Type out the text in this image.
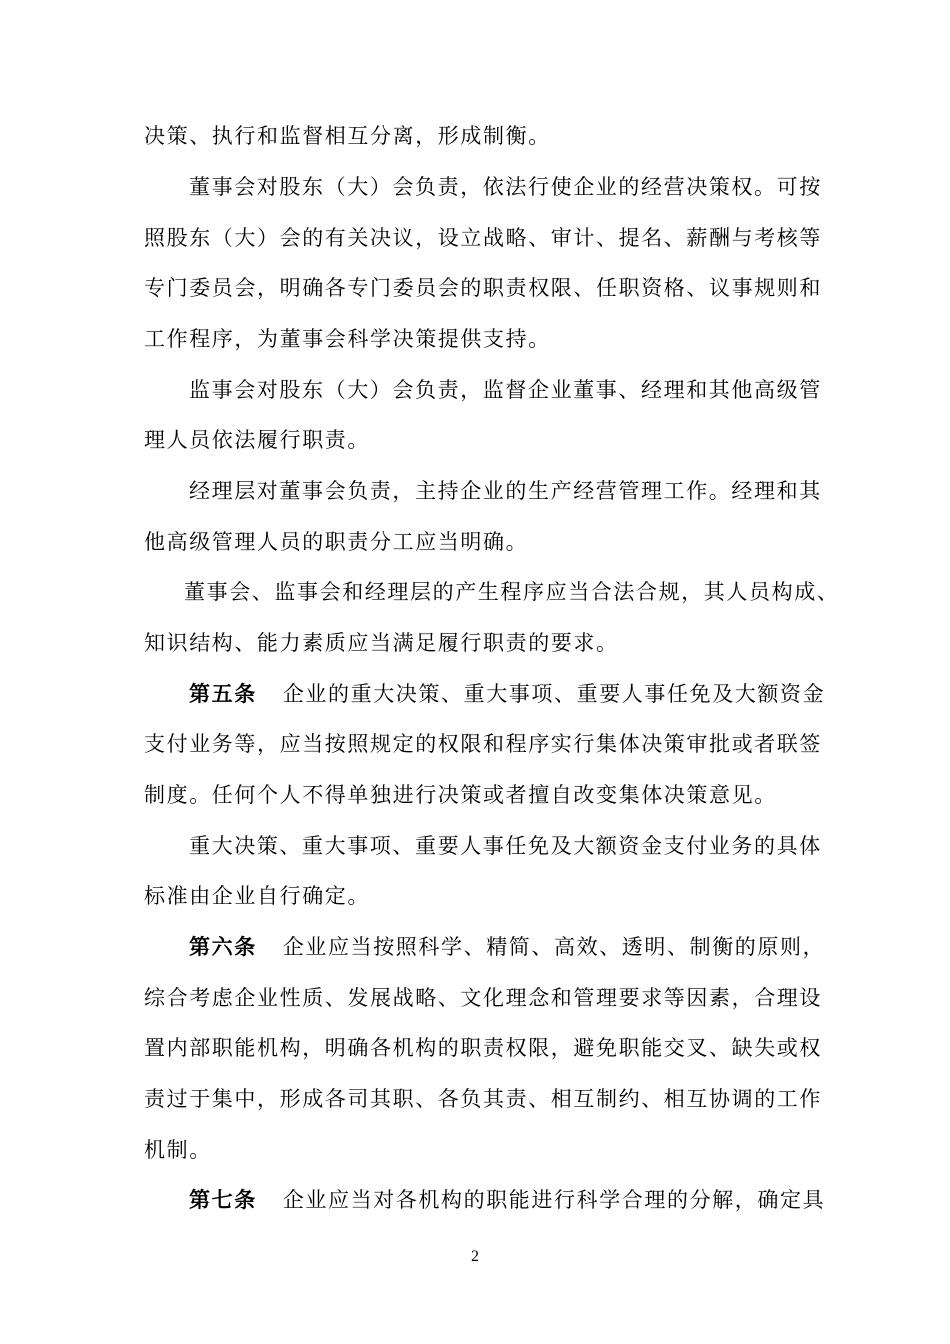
决策、执行和监督相互分离，形成制衡。
董事会对股东（大）会负责，依法行使企业的经营决策权。可按
照股东（大）会的有关决议，设立战略、审计、提名、薪酬与考核等
专门委员会，明确各专门委员会的职责权限、任职资格、议事规则和
工作程序，为董事会科学决策提供支持。
监事会对股东（大）会负责，监督企业董事、经理和其他高级管
理人员依法履行职责。
经理层对董事会负责，主持企业的生产经营管理工作。经理和其
他高级管理人员的职责分工应当明确。
董事会、监事会和经理层的产生程序应当合法合规，其人员构成、
知识结构、能力素质应当满足履行职责的要求。
第五条 企业的重大决策、重大事项、重要人事任免及大额资金
支付业务等，应当按照规定的权限和程序实行集体决策审批或者联签
制度。任何个人不得单独进行决策或者擅自改变集体决策意见。
重大决策、重大事项、重要人事任免及大额资金支付业务的具体
标准由企业自行确定。
第六条 企业应当按照科学、精简、高效、透明、制衡的原则，
综合考虑企业性质、发展战略、文化理念和管理要求等因素，合理设
置内部职能机构，明确各机构的职责权限，避免职能交叉、缺失或权
责过于集中，形成各司其职、各负其责、相互制约、相互协调的工作
机制。
第七条 企业应当对各机构的职能进行科学合理的分解，确定具
2
